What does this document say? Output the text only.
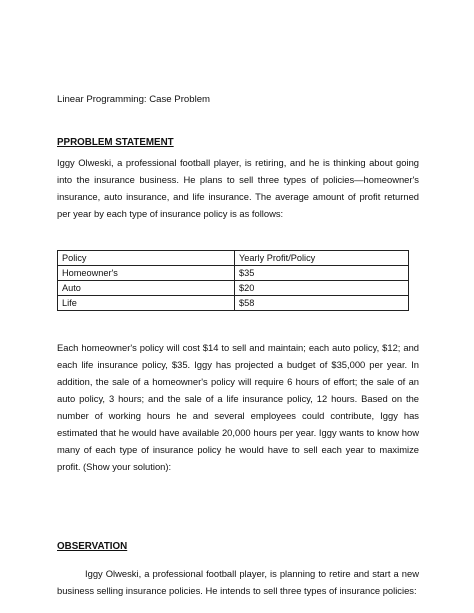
Linear Programming: Case Problem
PPROBLEM STATEMENT
Iggy Olweski, a professional football player, is retiring, and he is thinking about going into the insurance business. He plans to sell three types of policies—homeowner's insurance, auto insurance, and life insurance. The average amount of profit returned per year by each type of insurance policy is as follows:
Policy	Yearly Profit/Policy
Homeowner's	$35
Auto	$20
Life	$58
Each homeowner's policy will cost $14 to sell and maintain; each auto policy, $12; and each life insurance policy, $35. Iggy has projected a budget of $35,000 per year. In addition, the sale of a homeowner's policy will require 6 hours of effort; the sale of an auto policy, 3 hours; and the sale of a life insurance policy, 12 hours. Based on the number of working hours he and several employees could contribute, Iggy has estimated that he would have available 20,000 hours per year. Iggy wants to know how many of each type of insurance policy he would have to sell each year to maximize profit. (Show your solution):
OBSERVATION
Iggy Olweski, a professional football player, is planning to retire and start a new business selling insurance policies. He intends to sell three types of insurance policies:
